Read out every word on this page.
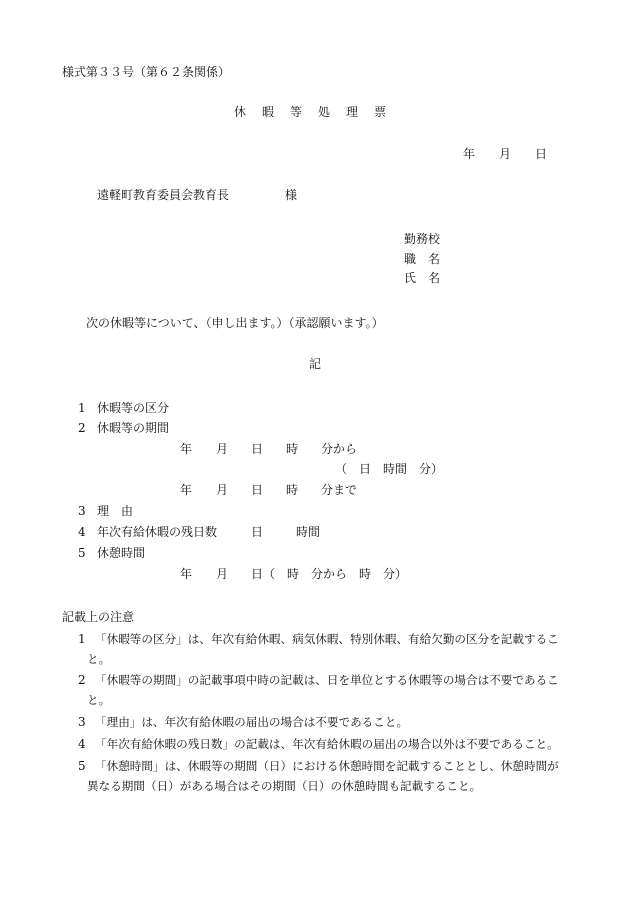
様式第３３号（第６２条関係）
休　暇　等　処　理　票
年 月 日
遠軽町教育委員会教育長	様
勤務校
職　名
氏　名
次の休暇等について、（申し出ます。）（承認願います。）
記
1 休暇等の区分
2 休暇等の期間
年 月 日 時 分から
（　日　時間　分）
年 月 日 時 分まで
3 理　由
4 年次有給休暇の残日数	日	時間
5 休憩時間
年 月 日（　時　分から　時　分）
記載上の注意
1 「休暇等の区分」は、年次有給休暇、病気休暇、特別休暇、有給欠勤の区分を記載するこ
と。
2 「休暇等の期間」の記載事項中時の記載は、日を単位とする休暇等の場合は不要であるこ
と。
3 「理由」は、年次有給休暇の届出の場合は不要であること。
4 「年次有給休暇の残日数」の記載は、年次有給休暇の届出の場合以外は不要であること。
5 「休憩時間」は、休暇等の期間（日）における休憩時間を記載することとし、休憩時間が
異なる期間（日）がある場合はその期間（日）の休憩時間も記載すること。
